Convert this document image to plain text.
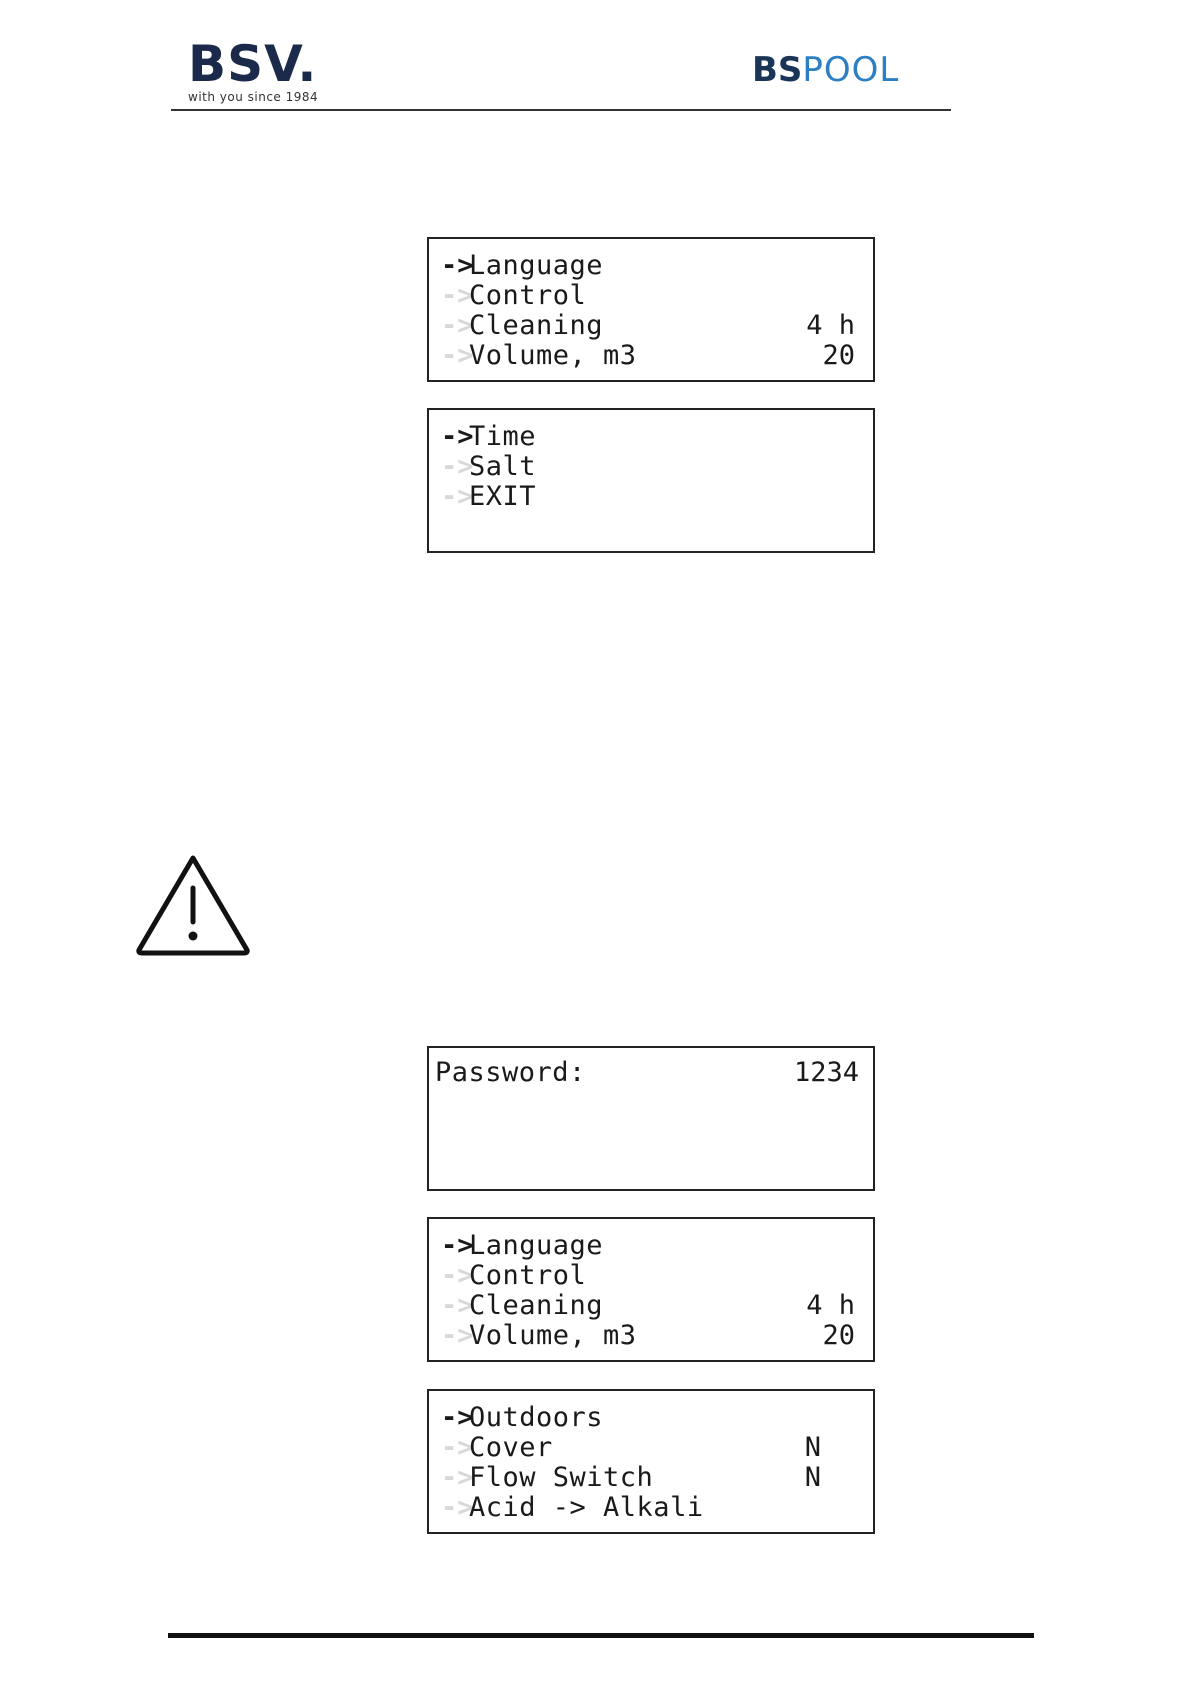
BSV.
with you since 1984
BSPOOL
->Language
->Control
->Cleaning	4 h
->Volume, m3	20
->Time
->Salt
->EXIT
Password:	1234
->Language
->Control
->Cleaning	4 h
->Volume, m3	20
->Outdoors
->Cover	N
->Flow Switch	N
->Acid -> Alkali
